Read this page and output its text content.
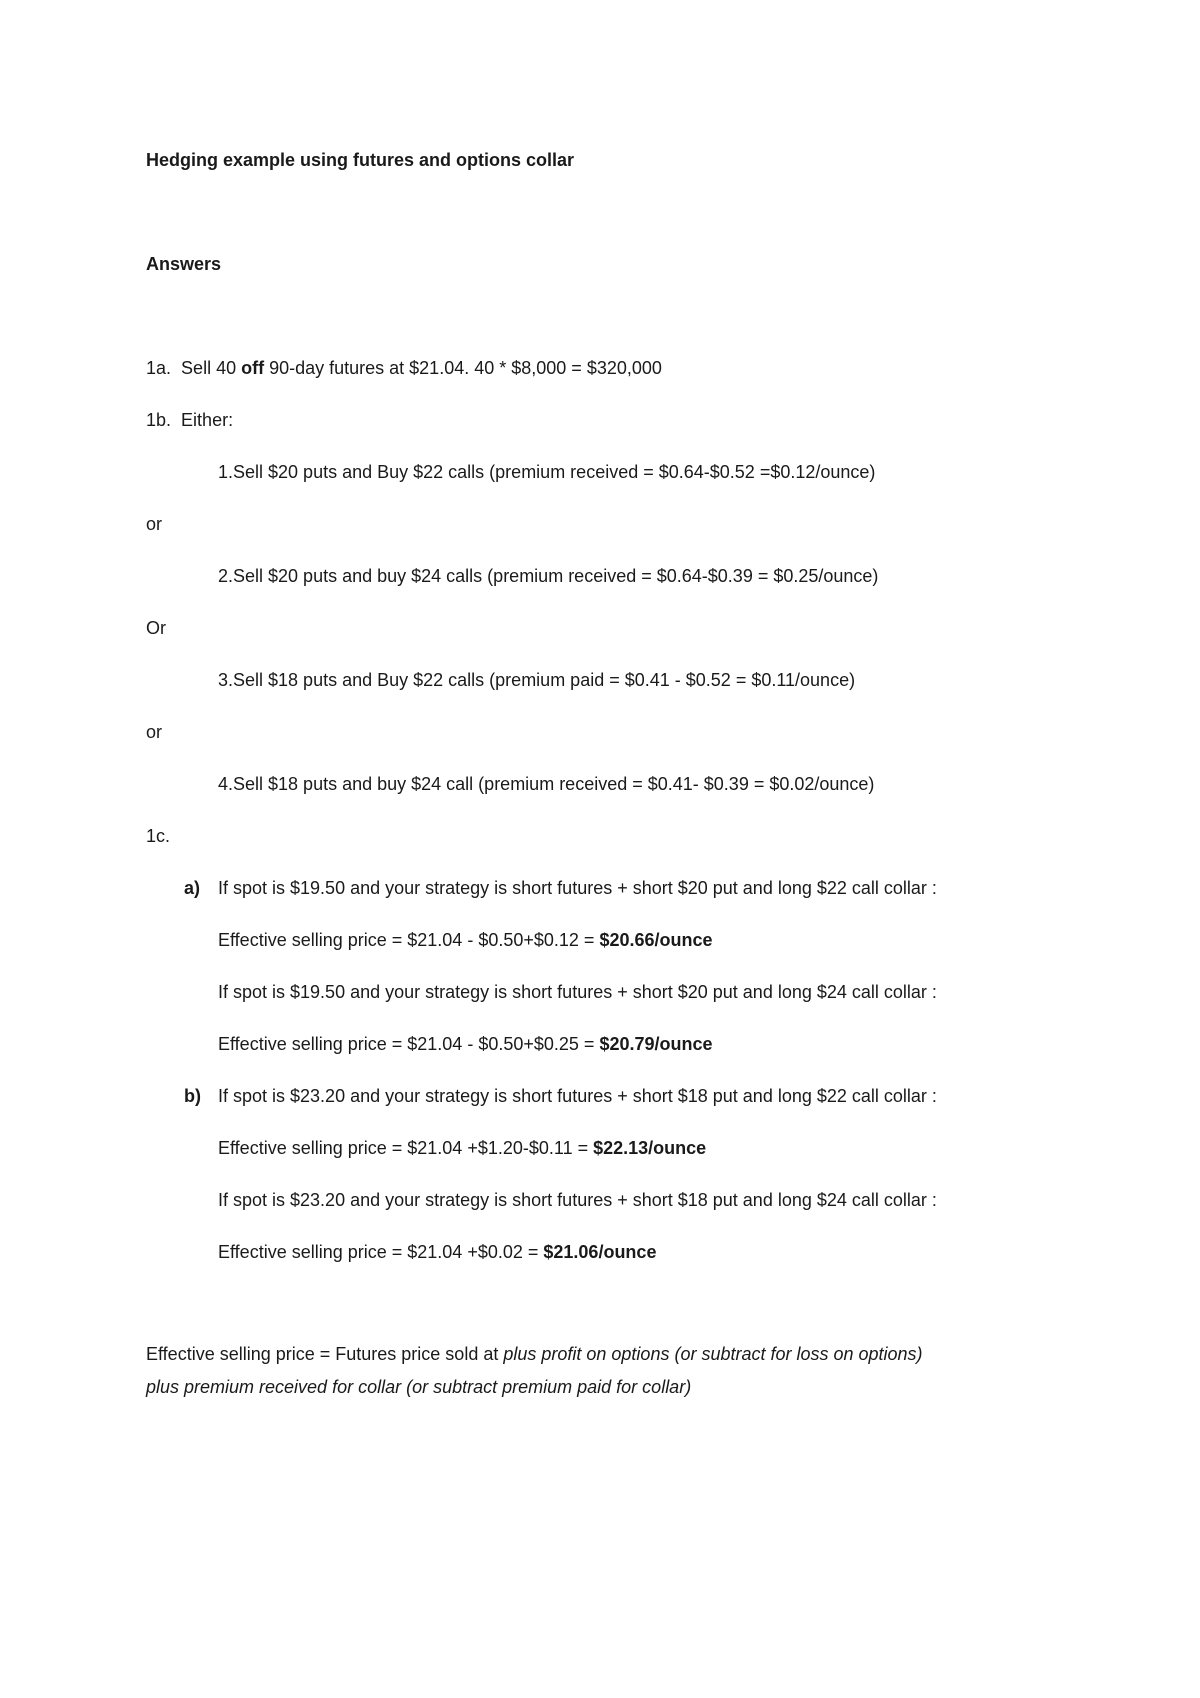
Hedging example using futures and options collar
Answers
1a. Sell 40 off 90-day futures at $21.04. 40 * $8,000 = $320,000
1b. Either:
1.Sell $20 puts and Buy $22 calls (premium received = $0.64-$0.52 =$0.12/ounce)
or
2.Sell $20 puts and buy $24 calls (premium received = $0.64-$0.39 = $0.25/ounce)
Or
3.Sell $18 puts and Buy $22 calls (premium paid = $0.41 - $0.52 = $0.11/ounce)
or
4.Sell $18 puts and buy $24 call (premium received = $0.41- $0.39 = $0.02/ounce)
1c.
a) If spot is $19.50 and your strategy is short futures + short $20 put and long $22 call collar :
Effective selling price = $21.04 - $0.50+$0.12 = $20.66/ounce
If spot is $19.50 and your strategy is short futures + short $20 put and long $24 call collar :
Effective selling price = $21.04 - $0.50+$0.25 = $20.79/ounce
b) If spot is $23.20 and your strategy is short futures + short $18 put and long $22 call collar :
Effective selling price = $21.04 +$1.20-$0.11 = $22.13/ounce
If spot is $23.20 and your strategy is short futures + short $18 put and long $24 call collar :
Effective selling price = $21.04 +$0.02 = $21.06/ounce
Effective selling price = Futures price sold at plus profit on options (or subtract for loss on options)
plus premium received for collar (or subtract premium paid for collar)
